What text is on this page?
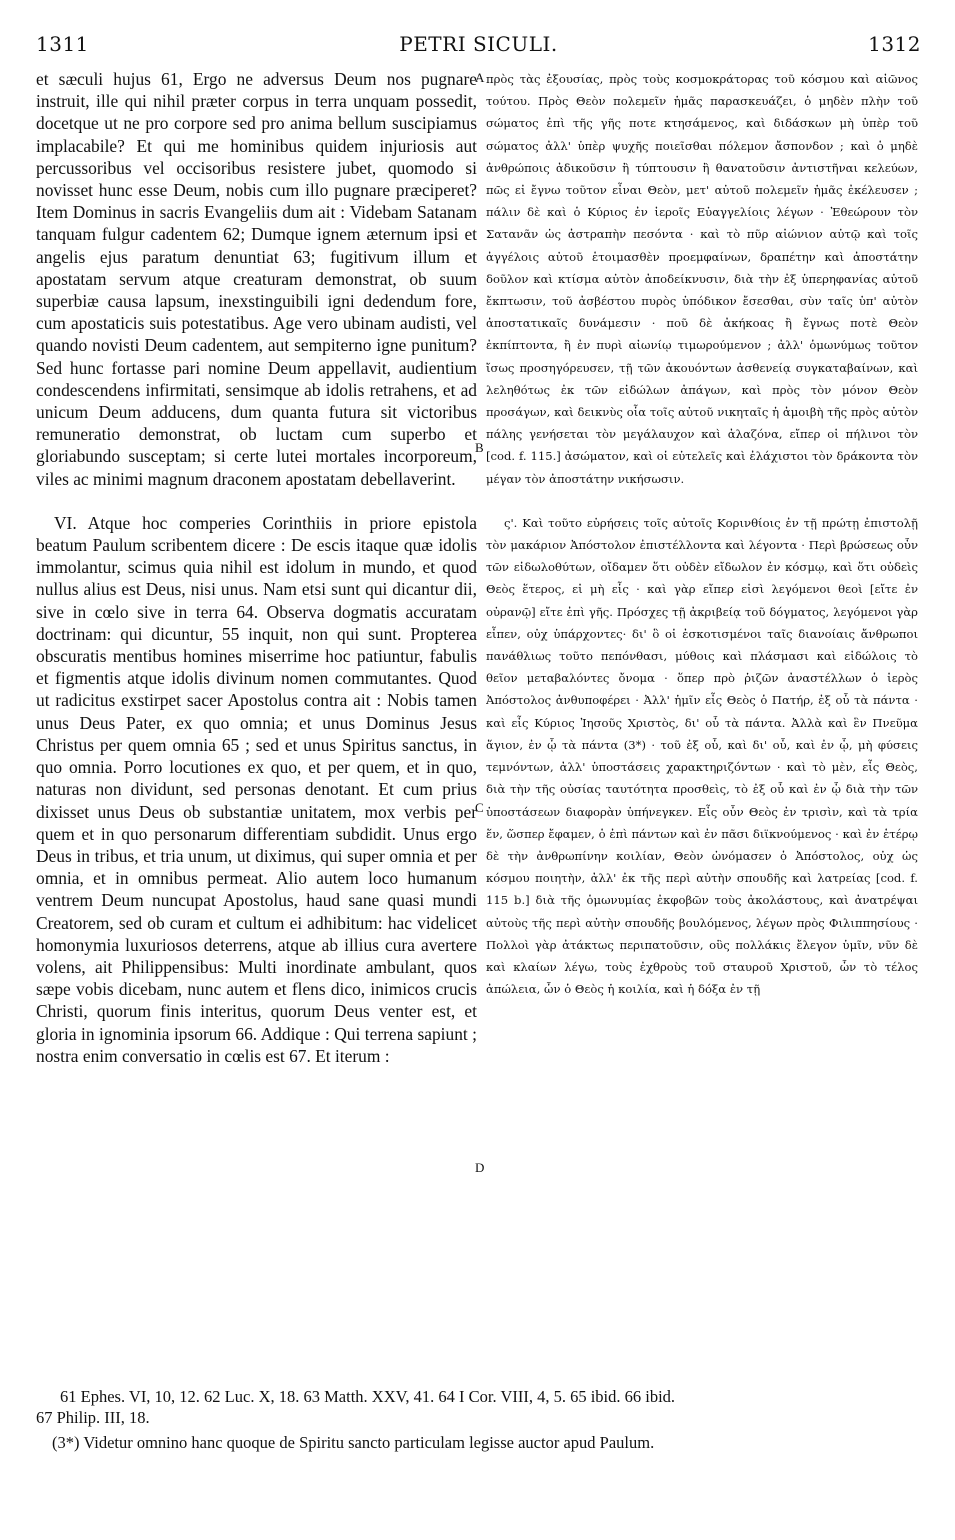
1311	PETRI SICULI.	1312

et sæculi hujus 61, Ergo ne adversus Deum nos pugnare instruit, ille qui nihil præter corpus in terra unquam possedit, docetque ut ne pro corpore sed pro anima bellum suscipiamus implacabile? Et qui me hominibus quidem injuriosis aut percussoribus vel occisoribus resistere jubet, quomodo si novisset hunc esse Deum, nobis cum illo pugnare præciperet? Item Dominus in sacris Evangeliis dum ait : Videbam Satanam tanquam fulgur cadentem 62; Dumque ignem æternum ipsi et angelis ejus paratum denuntiat 63; fugitivum illum et apostatam servum atque creaturam demonstrat, ob suum superbiæ causa lapsum, inexstinguibili igni dedendum fore, cum apostaticis suis potestatibus. Age vero ubinam audisti, vel quando novisti Deum cadentem, aut sempiterno igne punitum? Sed hunc fortasse pari nomine Deum appellavit, audientium condescendens infirmitati, sensimque ab idolis retrahens, et ad unicum Deum adducens, dum quanta futura sit victoribus remuneratio demonstrat, ob luctam cum superbo et gloriabundo susceptam; si certe lutei mortales incorporeum, viles ac minimi magnum draconem apostatam debellaverint.

VI. Atque hoc comperies Corinthiis in priore epistola beatum Paulum scribentem dicere : De escis itaque quæ idolis immolantur, scimus quia nihil est idolum in mundo, et quod nullus alius est Deus, nisi unus. Nam etsi sunt qui dicantur dii, sive in cœlo sive in terra 64. Observa dogmatis accuratam doctrinam: qui dicuntur, 55 inquit, non qui sunt. Propterea obscuratis mentibus homines miserrime hoc patiuntur, fabulis et figmentis atque idolis divinum nomen commutantes. Quod ut radicitus exstirpet sacer Apostolus contra ait : Nobis tamen unus Deus Pater, ex quo omnia; et unus Dominus Jesus Christus per quem omnia 65 ; sed et unus Spiritus sanctus, in quo omnia. Porro locutiones ex quo, et per quem, et in quo, naturas non dividunt, sed personas denotant. Et cum prius dixisset unus Deus ob substantiæ unitatem, mox verbis per quem et in quo personarum differentiam subdidit. Unus ergo Deus in tribus, et tria unum, ut diximus, qui super omnia et per omnia, et in omnibus permeat. Alio autem loco humanum ventrem Deum nuncupat Apostolus, haud sane quasi mundi Creatorem, sed ob curam et cultum ei adhibitum: hac videlicet homonymia luxuriosos deterrens, atque ab illius cura avertere volens, ait Philippensibus: Multi inordinate ambulant, quos sæpe vobis dicebam, nunc autem et flens dico, inimicos crucis Christi, quorum finis interitus, quorum Deus venter est, et gloria in ignominia ipsorum 66. Addique : Qui terrena sapiunt ; nostra enim conversatio in cœlis est 67. Et iterum :

A
B
C
D

πρὸς τὰς ἐξουσίας, πρὸς τοὺς κοσμοκράτορας τοῦ κόσμου καὶ αἰῶνος τούτου. Πρὸς Θεὸν πολεμεῖν ἡμᾶς παρασκευάζει, ὁ μηδὲν πλὴν τοῦ σώματος ἐπὶ τῆς γῆς ποτε κτησάμενος, καὶ διδάσκων μὴ ὑπὲρ τοῦ σώματος ἀλλ' ὑπὲρ ψυχῆς ποιεῖσθαι πόλεμον ἄσπονδον ; καὶ ὁ μηδὲ ἀνθρώποις ἀδικοῦσιν ἢ τύπτουσιν ἢ θανατοῦσιν ἀντιστῆναι κελεύων, πῶς εἰ ἔγνω τοῦτον εἶναι Θεὸν, μετ' αὐτοῦ πολεμεῖν ἡμᾶς ἐκέλευσεν ; πάλιν δὲ καὶ ὁ Κύριος ἐν ἱεροῖς Εὐαγγελίοις λέγων · Ἐθεώρουν τὸν Σατανᾶν ὡς ἀστραπὴν πεσόντα · καὶ τὸ πῦρ αἰώνιον αὐτῷ καὶ τοῖς ἀγγέλοις αὐτοῦ ἑτοιμασθὲν προεμφαίνων, δραπέτην καὶ ἀποστάτην δοῦλον καὶ κτίσμα αὐτὸν ἀποδείκνυσιν, διὰ τὴν ἐξ ὑπερηφανίας αὐτοῦ ἔκπτωσιν, τοῦ ἀσβέστου πυρὸς ὑπόδικον ἔσεσθαι, σὺν ταῖς ὑπ' αὐτὸν ἀποστατικαῖς δυνάμεσιν · ποῦ δὲ ἀκήκοας ἢ ἔγνως ποτὲ Θεὸν ἐκπίπτοντα, ἢ ἐν πυρὶ αἰωνίῳ τιμωρούμενον ; ἀλλ' ὁμωνύμως τοῦτον ἴσως προσηγόρευσεν, τῇ τῶν ἀκουόντων ἀσθενείᾳ συγκαταβαίνων, καὶ λεληθότως ἐκ τῶν εἰδώλων ἀπάγων, καὶ πρὸς τὸν μόνον Θεὸν προσάγων, καὶ δεικνὺς οἷα τοῖς αὐτοῦ νικηταῖς ἡ ἀμοιβὴ τῆς πρὸς αὐτὸν πάλης γενήσεται τὸν μεγάλαυχον καὶ ἀλαζόνα, εἴπερ οἱ πήλινοι τὸν [cod. f. 115.] ἀσώματον, καὶ οἱ εὐτελεῖς καὶ ἐλάχιστοι τὸν δράκοντα τὸν μέγαν τὸν ἀποστάτην νικήσωσιν.

ς'. Καὶ τοῦτο εὑρήσεις τοῖς αὐτοῖς Κορινθίοις ἐν τῇ πρώτῃ ἐπιστολῇ τὸν μακάριον Ἀπόστολον ἐπιστέλλοντα καὶ λέγοντα · Περὶ βρώσεως οὖν τῶν εἰδωλοθύτων, οἴδαμεν ὅτι οὐδὲν εἴδωλον ἐν κόσμῳ, καὶ ὅτι οὐδεὶς Θεὸς ἕτερος, εἰ μὴ εἷς · καὶ γὰρ εἴπερ εἰσὶ λεγόμενοι θεοὶ [εἴτε ἐν οὐρανῷ] εἴτε ἐπὶ γῆς. Πρόσχες τῇ ἀκριβείᾳ τοῦ δόγματος, λεγόμενοι γὰρ εἶπεν, οὐχ ὑπάρχοντες· δι' ὃ οἱ ἐσκοτισμένοι ταῖς διανοίαις ἄνθρωποι πανάθλιως τοῦτο πεπόνθασι, μύθοις καὶ πλάσμασι καὶ εἰδώλοις τὸ θεῖον μεταβαλόντες ὄνομα · ὅπερ πρὸ ῥιζῶν ἀναστέλλων ὁ ἱερὸς Ἀπόστολος ἀνθυποφέρει · Ἀλλ' ἡμῖν εἷς Θεὸς ὁ Πατήρ, ἐξ οὗ τὰ πάντα · καὶ εἷς Κύριος Ἰησοῦς Χριστὸς, δι' οὗ τὰ πάντα. Ἀλλὰ καὶ ἓν Πνεῦμα ἅγιον, ἐν ᾧ τὰ πάντα (3*) · τοῦ ἐξ οὗ, καὶ δι' οὗ, καὶ ἐν ᾧ, μὴ φύσεις τεμνόντων, ἀλλ' ὑποστάσεις χαρακτηριζόντων · καὶ τὸ μὲν, εἷς Θεὸς, διὰ τὴν τῆς οὐσίας ταυτότητα προσθεὶς, τὸ ἐξ οὗ καὶ ἐν ᾧ διὰ τὴν τῶν ὑποστάσεων διαφορὰν ὑπήνεγκεν. Εἷς οὖν Θεὸς ἐν τρισὶν, καὶ τὰ τρία ἕν, ὥσπερ ἔφαμεν, ὁ ἐπὶ πάντων καὶ ἐν πᾶσι διϊκνούμενος · καὶ ἐν ἑτέρῳ δὲ τὴν ἀνθρωπίνην κοιλίαν, Θεὸν ὠνόμασεν ὁ Ἀπόστολος, οὐχ ὡς κόσμου ποιητὴν, ἀλλ' ἐκ τῆς περὶ αὐτὴν σπουδῆς καὶ λατρείας [cod. f. 115 b.] διὰ τῆς ὁμωνυμίας ἐκφοβῶν τοὺς ἀκολάστους, καὶ ἀνατρέψαι αὐτοὺς τῆς περὶ αὐτὴν σπουδῆς βουλόμενος, λέγων πρὸς Φιλιππησίους · Πολλοὶ γὰρ ἀτάκτως περιπατοῦσιν, οὓς πολλάκις ἔλεγον ὑμῖν, νῦν δὲ καὶ κλαίων λέγω, τοὺς ἐχθροὺς τοῦ σταυροῦ Χριστοῦ, ὧν τὸ τέλος ἀπώλεια, ὧν ὁ Θεὸς ἡ κοιλία, καὶ ἡ δόξα ἐν τῇ

61 Ephes. VI, 10, 12. 62 Luc. X, 18. 63 Matth. XXV, 41. 64 I Cor. VIII, 4, 5. 65 ibid. 66 ibid.

67 Philip. III, 18.

(3*) Videtur omnino hanc quoque de Spiritu sancto particulam legisse auctor apud Paulum.
